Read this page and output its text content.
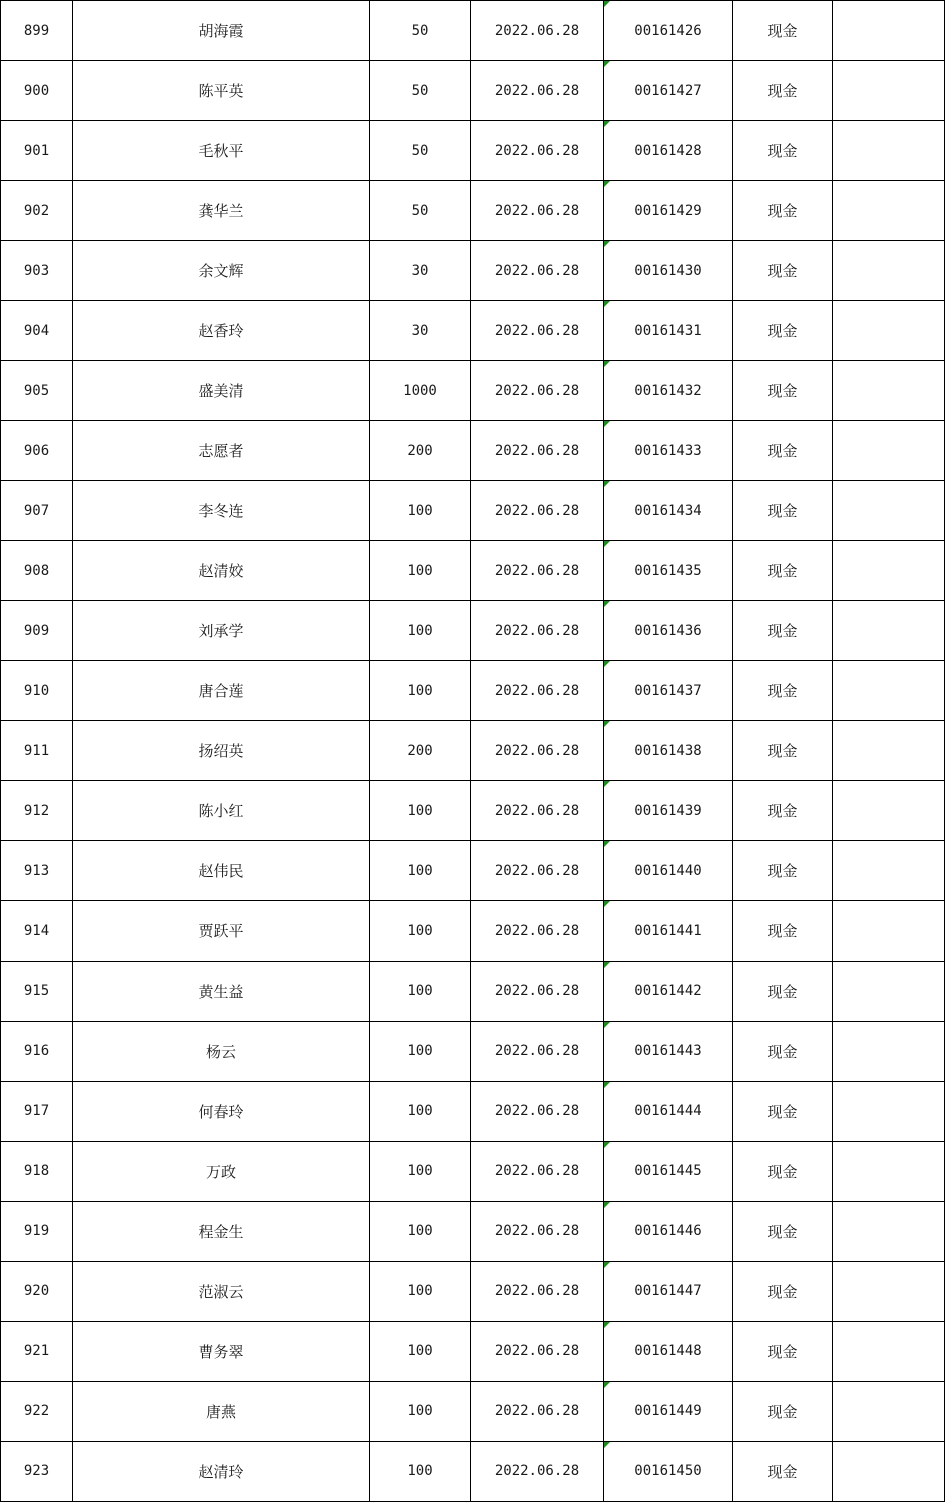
899	胡海霞	50	2022.06.28	00161426	现金	
900	陈平英	50	2022.06.28	00161427	现金	
901	毛秋平	50	2022.06.28	00161428	现金	
902	龚华兰	50	2022.06.28	00161429	现金	
903	余文辉	30	2022.06.28	00161430	现金	
904	赵香玲	30	2022.06.28	00161431	现金	
905	盛美清	1000	2022.06.28	00161432	现金	
906	志愿者	200	2022.06.28	00161433	现金	
907	李冬连	100	2022.06.28	00161434	现金	
908	赵清姣	100	2022.06.28	00161435	现金	
909	刘承学	100	2022.06.28	00161436	现金	
910	唐合莲	100	2022.06.28	00161437	现金	
911	扬绍英	200	2022.06.28	00161438	现金	
912	陈小红	100	2022.06.28	00161439	现金	
913	赵伟民	100	2022.06.28	00161440	现金	
914	贾跃平	100	2022.06.28	00161441	现金	
915	黄生益	100	2022.06.28	00161442	现金	
916	杨云	100	2022.06.28	00161443	现金	
917	何春玲	100	2022.06.28	00161444	现金	
918	万政	100	2022.06.28	00161445	现金	
919	程金生	100	2022.06.28	00161446	现金	
920	范淑云	100	2022.06.28	00161447	现金	
921	曹务翠	100	2022.06.28	00161448	现金	
922	唐燕	100	2022.06.28	00161449	现金	
923	赵清玲	100	2022.06.28	00161450	现金	
